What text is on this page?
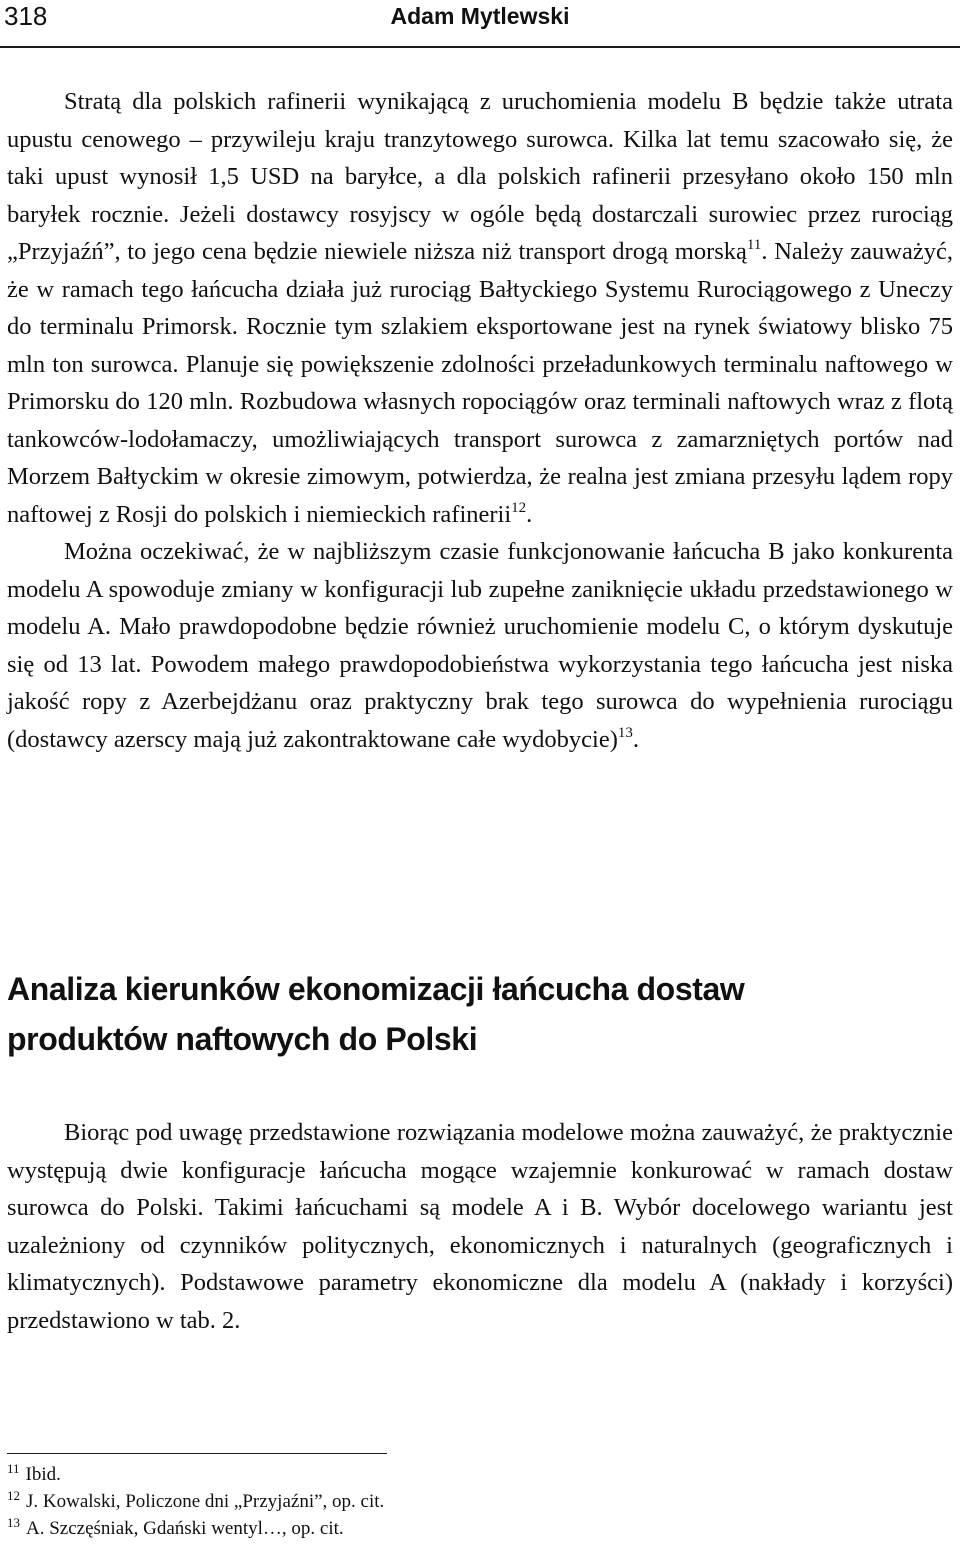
318	Adam Mytlewski

Stratą dla polskich rafinerii wynikającą z uruchomienia modelu B będzie także utrata upustu cenowego – przywileju kraju tranzytowego surowca. Kilka lat temu szacowało się, że taki upust wynosił 1,5 USD na baryłce, a dla polskich rafinerii przesyłano około 150 mln baryłek rocznie. Jeżeli dostawcy rosyjscy w ogóle będą dostarczali surowiec przez rurociąg „Przyjaźń”, to jego cena będzie niewiele niższa niż transport drogą morską$^{11}$. Należy zauważyć, że w ramach tego łańcucha działa już rurociąg Bałtyckiego Systemu Rurociągowego z Uneczy do terminalu Primorsk. Rocznie tym szlakiem eksportowane jest na rynek światowy blisko 75 mln ton surowca. Planuje się powiększenie zdolności przeładunkowych terminalu naftowego w Primorsku do 120 mln. Rozbudowa własnych ropociągów oraz terminali naftowych wraz z flotą tankowców-lodołamaczy, umożliwiających transport surowca z zamarzniętych portów nad Morzem Bałtyckim w okresie zimowym, potwierdza, że realna jest zmiana przesyłu lądem ropy naftowej z Rosji do polskich i niemieckich rafinerii$^{12}$.

Można oczekiwać, że w najbliższym czasie funkcjonowanie łańcucha B jako konkurenta modelu A spowoduje zmiany w konfiguracji lub zupełne zaniknięcie układu przedstawionego w modelu A. Mało prawdopodobne będzie również uruchomienie modelu C, o którym dyskutuje się od 13 lat. Powodem małego prawdopodobieństwa wykorzystania tego łańcucha jest niska jakość ropy z Azerbejdżanu oraz praktyczny brak tego surowca do wypełnienia rurociągu (dostawcy azerscy mają już zakontraktowane całe wydobycie)$^{13}$.

Analiza kierunków ekonomizacji łańcucha dostaw
produktów naftowych do Polski

Biorąc pod uwagę przedstawione rozwiązania modelowe można zauważyć, że praktycznie występują dwie konfiguracje łańcucha mogące wzajemnie konkurować w ramach dostaw surowca do Polski. Takimi łańcuchami są modele A i B. Wybór docelowego wariantu jest uzależniony od czynników politycznych, ekonomicznych i naturalnych (geograficznych i klimatycznych). Podstawowe parametry ekonomiczne dla modelu A (nakłady i korzyści) przedstawiono w tab. 2.

$^{11}$ Ibid.

$^{12}$ J. Kowalski, Policzone dni „Przyjaźni”, op. cit.

$^{13}$ A. Szczęśniak, Gdański wentyl…, op. cit.
